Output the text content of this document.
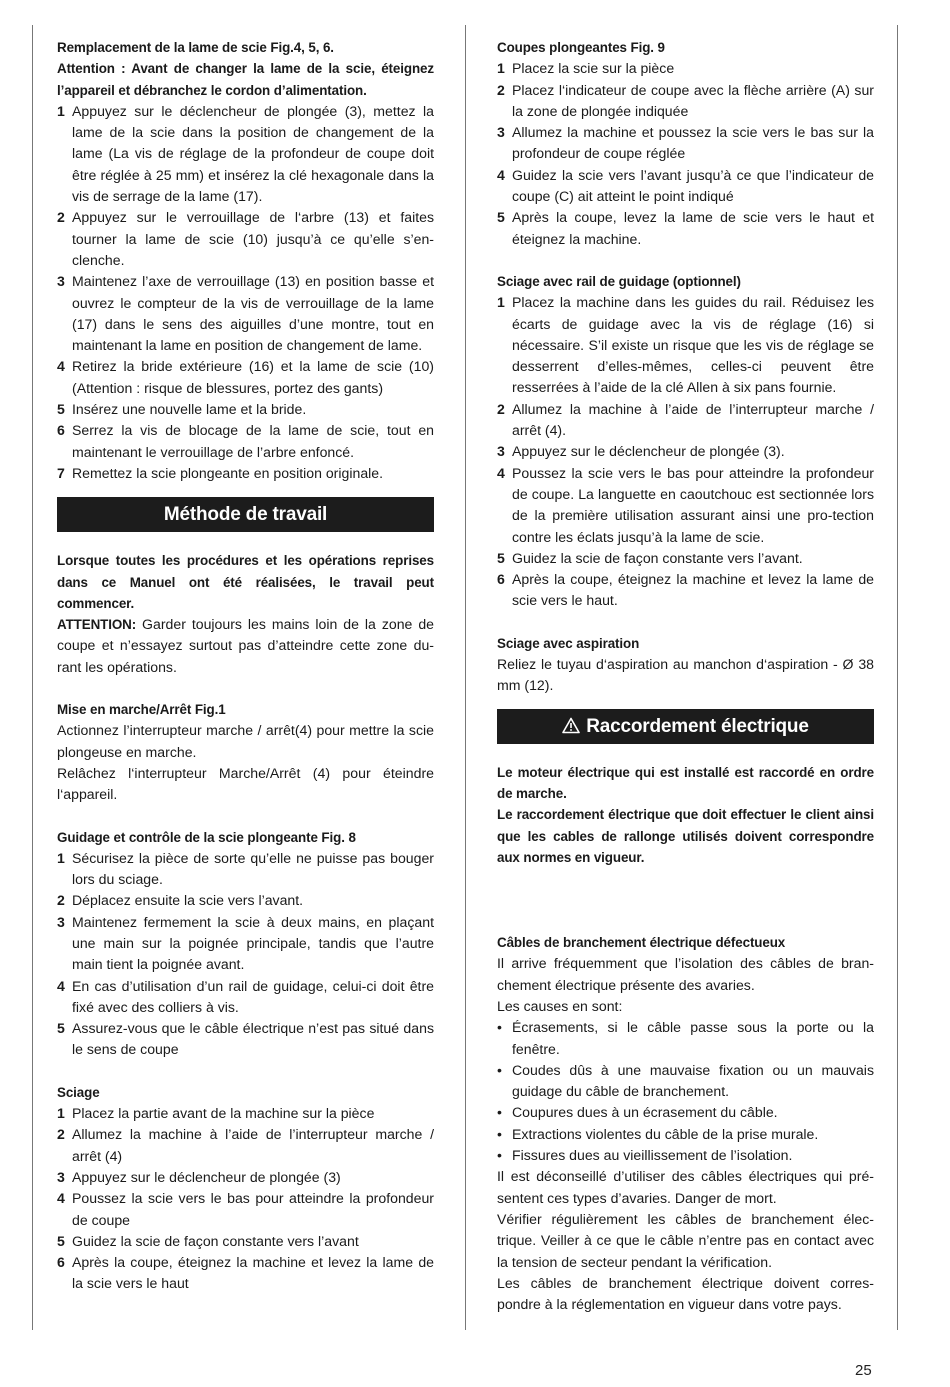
Remplacement de la lame de scie Fig.4, 5, 6.

Attention : Avant de changer la lame de la scie, éteignez l’appareil et débranchez le cordon d’alimentation.

1 Appuyez sur le déclencheur de plongée (3), mettez la lame de la scie dans la position de changement de la lame (La vis de réglage de la profondeur de coupe doit être réglée à 25 mm) et insérez la clé hexagonale dans la vis de serrage de la lame (17).
2 Appuyez sur le verrouillage de l‘arbre (13) et faites tourner la lame de scie (10) jusqu’à ce qu’elle s’en-clenche.
3 Maintenez l’axe de verrouillage (13) en position basse et ouvrez le compteur de la vis de verrouillage de la lame (17) dans le sens des aiguilles d’une montre, tout en maintenant la lame en position de changement de lame.
4 Retirez la bride extérieure (16) et la lame de scie (10) (Attention : risque de blessures, portez des gants)
5 Insérez une nouvelle lame et la bride.
6 Serrez la vis de blocage de la lame de scie, tout en maintenant le verrouillage de l’arbre enfoncé.
7 Remettez la scie plongeante en position originale.
Méthode de travail

Lorsque toutes les procédures et les opérations reprises dans ce Manuel ont été réalisées, le travail peut commencer.

ATTENTION: Garder toujours les mains loin de la zone de coupe et n’essayez surtout pas d’atteindre cette zone du-rant les opérations.

Mise en marche/Arrêt Fig.1

Actionnez l’interrupteur marche / arrêt(4) pour mettre la scie plongeuse en marche.

Relâchez l‘interrupteur Marche/Arrêt (4) pour éteindre l‘appareil.

Guidage et contrôle de la scie plongeante Fig. 8

1 Sécurisez la pièce de sorte qu’elle ne puisse pas bouger lors du sciage.
2 Déplacez ensuite la scie vers l’avant.
3 Maintenez fermement la scie à deux mains, en plaçant une main sur la poignée principale, tandis que l’autre main tient la poignée avant.
4 En cas d’utilisation d’un rail de guidage, celui-ci doit être fixé avec des colliers à vis.
5 Assurez-vous que le câble électrique n’est pas situé dans le sens de coupe

Sciage

1 Placez la partie avant de la machine sur la pièce
2 Allumez la machine à l’aide de l’interrupteur marche / arrêt (4)
3 Appuyez sur le déclencheur de plongée (3)
4 Poussez la scie vers le bas pour atteindre la profondeur de coupe
5 Guidez la scie de façon constante vers l’avant
6 Après la coupe, éteignez la machine et levez la lame de la scie vers le haut

Coupes plongeantes Fig. 9

1 Placez la scie sur la pièce
2 Placez l‘indicateur de coupe avec la flèche arrière (A) sur la zone de plongée indiquée
3 Allumez la machine et poussez la scie vers le bas sur la profondeur de coupe réglée
4 Guidez la scie vers l’avant jusqu’à ce que l’indicateur de coupe (C) ait atteint le point indiqué
5 Après la coupe, levez la lame de scie vers le haut et éteignez la machine.

Sciage avec rail de guidage (optionnel)

1 Placez la machine dans les guides du rail. Réduisez les écarts de guidage avec la vis de réglage (16) si nécessaire. S’il existe un risque que les vis de réglage se desserrent d’elles-mêmes, celles-ci peuvent être resserrées à l’aide de la clé Allen à six pans fournie.
2 Allumez la machine à l’aide de l’interrupteur marche / arrêt (4).
3 Appuyez sur le déclencheur de plongée (3).
4 Poussez la scie vers le bas pour atteindre la profondeur de coupe. La languette en caoutchouc est sectionnée lors de la première utilisation assurant ainsi une pro-tection contre les éclats jusqu’à la lame de scie.
5 Guidez la scie de façon constante vers l’avant.
6 Après la coupe, éteignez la machine et levez la lame de scie vers le haut.

Sciage avec aspiration

Reliez le tuyau d‘aspiration au manchon d‘aspiration - Ø 38 mm (12).

Raccordement électrique

Le moteur électrique qui est installé est raccordé en ordre de marche.

Le raccordement électrique que doit effectuer le client ainsi que les cables de rallonge utilisés doivent correspondre aux normes en vigueur.

Câbles de branchement électrique défectueux

Il arrive fréquemment que l’isolation des câbles de bran-chement électrique présente des avaries.

Les causes en sont:

• Écrasements, si le câble passe sous la porte ou la fenêtre.
• Coudes dûs à une mauvaise fixation ou un mauvais guidage du câble de branchement.
• Coupures dues à un écrasement du câble.
• Extractions violentes du câble de la prise murale.
• Fissures dues au vieillissement de l’isolation.

Il est déconseillé d’utiliser des câbles électriques qui pré-sentent ces types d’avaries. Danger de mort.

Vérifier régulièrement les câbles de branchement élec-trique. Veiller à ce que le câble n’entre pas en contact avec la tension de secteur pendant la vérification.

Les câbles de branchement électrique doivent corres-pondre à la réglementation en vigueur dans votre pays.

25
